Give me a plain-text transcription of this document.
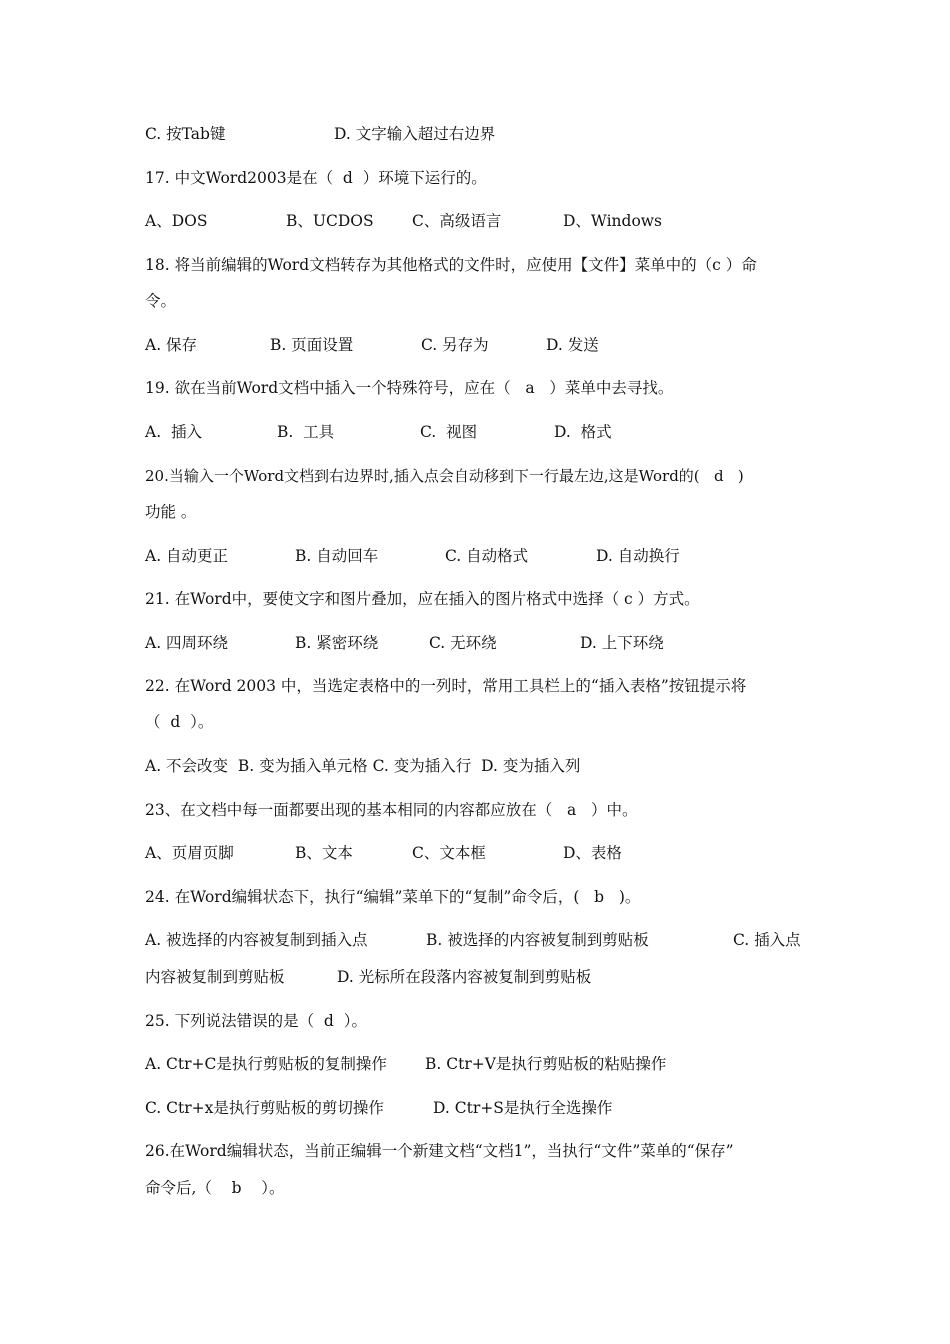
C. 按Tab键	D. 文字输入超过右边界
17. 中文Word2003是在（  d  ）环境下运行的。
A、DOS	B、UCDOS C、高级语言	D、Windows
18. 将当前编辑的Word文档转存为其他格式的文件时，应使用【文件】菜单中的（c ）命
令。
A. 保存	B. 页面设置	C. 另存为	D. 发送
19. 欲在当前Word文档中插入一个特殊符号，应在（   a   ）菜单中去寻找。
A.  插入	B.  工具	C.  视图	D.  格式
20.当输入一个Word文档到右边界时,插入点会自动移到下一行最左边,这是Word的(   d   )
功能 。
A. 自动更正	B. 自动回车	C. 自动格式	D. 自动换行
21. 在Word中，要使文字和图片叠加，应在插入的图片格式中选择（ c ）方式。
A. 四周环绕	B. 紧密环绕	C. 无环绕	D. 上下环绕
22. 在Word 2003 中，当选定表格中的一列时，常用工具栏上的“插入表格”按钮提示将
（  d  ）。
A. 不会改变  B. 变为插入单元格 C. 变为插入行  D. 变为插入列
23、在文档中每一面都要出现的基本相同的内容都应放在（   a   ）中。
A、页眉页脚	B、文本	C、文本框	D、表格
24. 在Word编辑状态下，执行“编辑”菜单下的“复制”命令后，(   b   )。
A. 被选择的内容被复制到插入点	B. 被选择的内容被复制到剪贴板	C. 插入点
内容被复制到剪贴板	D. 光标所在段落内容被复制到剪贴板
25. 下列说法错误的是（  d  ）。
A. Ctr+C是执行剪贴板的复制操作 B. Ctr+V是执行剪贴板的粘贴操作
C. Ctr+x是执行剪贴板的剪切操作	D. Ctr+S是执行全选操作
26.在Word编辑状态，当前正编辑一个新建文档“文档1”，当执行“文件”菜单的“保存”
命令后,（    b    ）。
